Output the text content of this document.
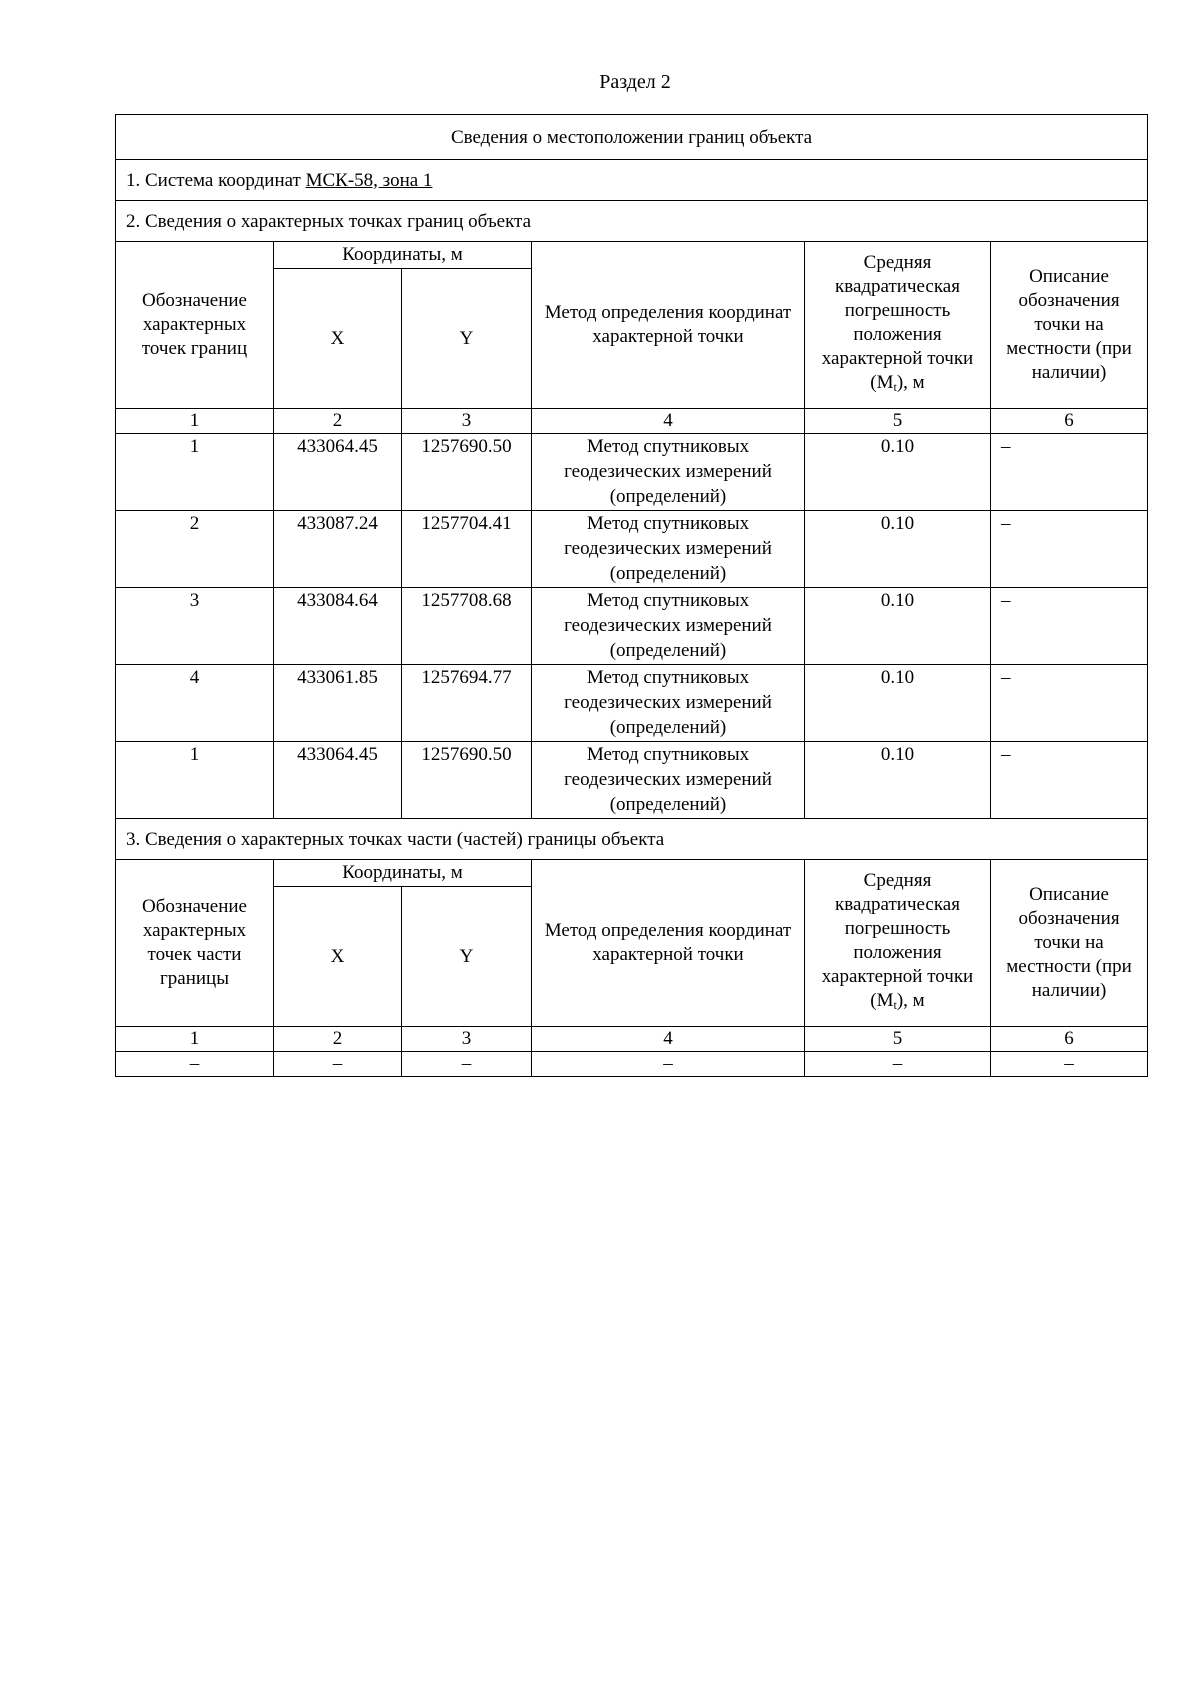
Раздел 2
Сведения о местоположении границ объекта					
1. Система координат МСК-58, зона 1					
2. Сведения о характерных точках границ объекта					
Обозначение характерных точек границ	Координаты, м		Метод определения координат характерной точки	Средняя квадратическая погрешность положения характерной точки $(M_t)$, м	Описание обозначения точки на местности (при наличии)
	X	Y			
1	2	3	4	5	6
1	433064.45	1257690.50	Метод спутниковых геодезических измерений (определений)	0.10	–
2	433087.24	1257704.41	Метод спутниковых геодезических измерений (определений)	0.10	–
3	433084.64	1257708.68	Метод спутниковых геодезических измерений (определений)	0.10	–
4	433061.85	1257694.77	Метод спутниковых геодезических измерений (определений)	0.10	–
1	433064.45	1257690.50	Метод спутниковых геодезических измерений (определений)	0.10	–
3. Сведения о характерных точках части (частей) границы объекта					
Обозначение характерных точек части границы	Координаты, м		Метод определения координат характерной точки	Средняя квадратическая погрешность положения характерной точки $(M_t)$, м	Описание обозначения точки на местности (при наличии)
	X	Y			
1	2	3	4	5	6
–	–	–	–	–	–
